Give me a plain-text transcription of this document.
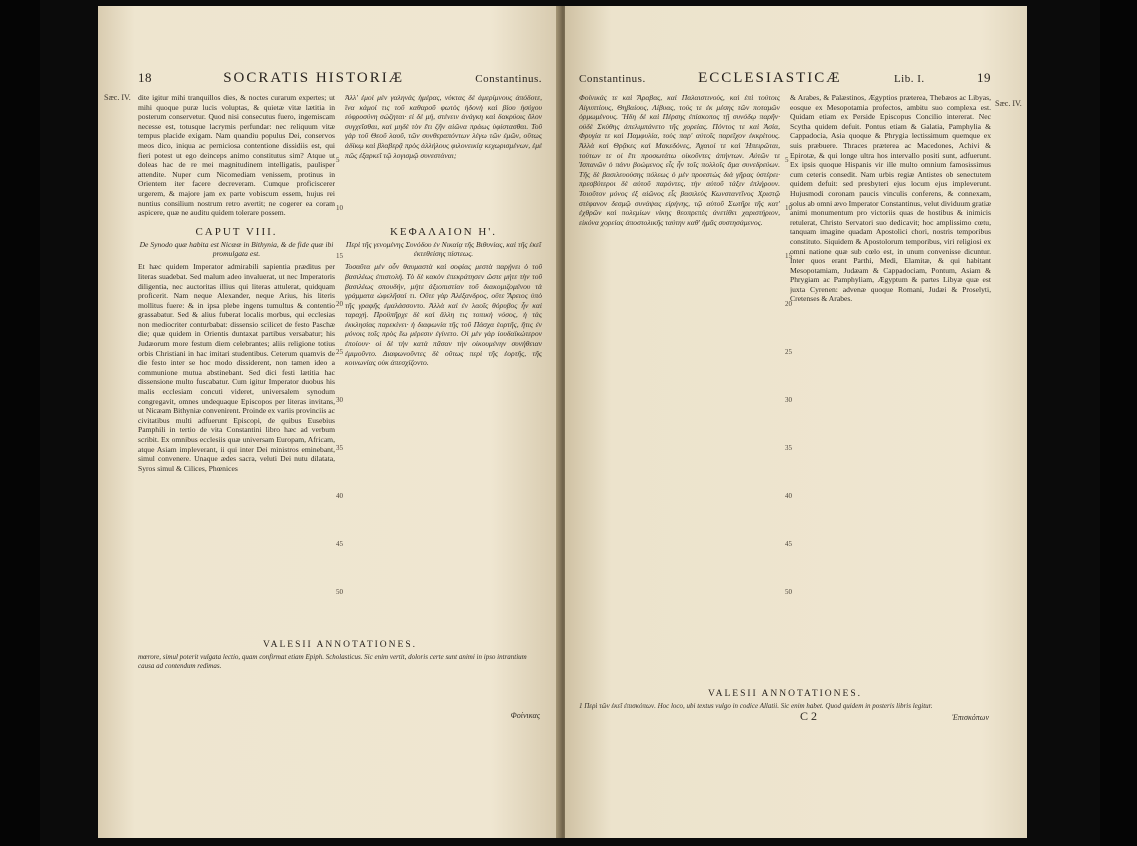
18	SOCRATIS HISTORIÆ	Constantinus.
Sæc. IV. dite igitur mihi tranquillos dies, & noctes curarum expertes; ut mihi quoque puræ lucis voluptas, & quietæ vitæ lætitia in posterum conservetur. Quod nisi consecutus fuero, ingemiscam necesse est, totusque lacrymis perfundar: nec reliquum vitæ tempus placide exigam. Nam quandiu populus Dei, conservos meos dico, iniqua ac perniciosa contentione dissidiis est, qui fieri potest ut ego deinceps animo constitutus sim? Atque ut doleas hac de re mei magnitudinem intelligatis, paulisper attendite. Nuper cum Nicomediam venissem, protinus in Orientem iter facere decreveram. Cumque proficiscerer urgerem, & majore jam ex parte vobiscum essem, hujus rei nuntius consilium nostrum retro avertit; ne cogerer ea coram aspicere, quæ ne auditu quidem tolerare possem.

Ἀλλ' ἐμοὶ μὲν γαληνὰς ἡμέρας, νύκτας δὲ ἀμερίμνους ἀπόδοτε, ἵνα κἀμοί τις τοῦ καθαροῦ φωτὸς ἡδονὴ καὶ βίου ἡσύχου εὐφροσύνη σώζηται· εἰ δὲ μή, στένειν ἀνάγκη καὶ δακρύοις ὅλον συγχεῖσθαι, καὶ μηδὲ τὸν ἔτι ζῆν αἰῶνα πράως ὑφίστασθαι. Τοῦ γὰρ τοῦ Θεοῦ λαοῦ, τῶν συνθεραπόντων λέγω τῶν ἐμῶν, οὕτως ἀδίκῳ καὶ βλαβερᾷ πρὸς ἀλλήλους φιλονεικίᾳ κεχωρισμένων, ἐμὲ πῶς ἐξαρκεῖ τῷ λογισμῷ συνεστάναι;

CAPUT VIII.
De Synodo quæ habita est Nicææ in Bithynia, & de fide quæ ibi promulgata est.
ΚΕΦΑΛΑΙΟΝ Η'.
Περὶ τῆς γενομένης Συνόδου ἐν Νικαίᾳ τῆς Βιθυνίας, καὶ τῆς ἐκεῖ ἐκτεθείσης πίστεως.

Et hæc quidem Imperator admirabili sapientia præditus per literas suadebat. Sed malum adeo invaluerat, ut nec Imperatoris diligentia, nec auctoritas illius qui literas attulerat, quidquam proficerit. Nam neque Alexander, neque Arius, his literis mollitus fuere: & in ipsa plebe ingens tumultus & contentio grassabatur. Sed & alius fuberat localis morbus, qui ecclesias non mediocriter conturbabat: dissensio scilicet de festo Paschæ die; quæ quidem in Orientis duntaxat partibus versabatur; his Judæorum more festum diem celebrantes; aliis religione totius orbis Christiani in hac imitari studentibus. Ceterum quamvis de die festo inter se hoc modo dissiderent, non tamen ideo a communione mutua abstinebant. Sed dici festi lætitia hac dissensione multo fuscabatur. Cum igitur Imperator duobus his malis ecclesiam concuti videret, universalem synodum congregavit, omnes undequaque Episcopos per literas invitans, ut Nicæam Bithyniæ convenirent. Proinde ex variis provinciis ac civitatibus multi adfuerunt Episcopi, de quibus Eusebius Pamphili in tertio de vita Constantini libro hæc ad verbum scribit. Ex omnibus ecclesiis quæ universam Europam, Africam, atque Asiam impleverant, ii qui inter Dei ministros eminebant, simul convenere. Unaque ædes sacra, veluti Dei nutu dilatata, Syros simul & Cilices, Phœnices

Τοσαῦτα μὲν οὖν θαυμαστὰ καὶ σοφίας μεστὰ παρῄνει ὁ τοῦ βασιλέως ἐπιστολή. Τὸ δὲ κακὸν ἐπεκράτησεν ὥστε μήτε τὴν τοῦ βασιλέως σπουδήν, μήτε ἀξιοπιστίαν τοῦ διακομιζομένου τὰ γράμματα ὠφελῆσαί τι. Οὔτε γὰρ Ἀλέξανδρος, οὔτε Ἄρειος ὑπὸ τῆς γραφῆς ἐμαλάσσοντο. Ἀλλὰ καὶ ἐν λαοῖς θόρυβος ἦν καὶ ταραχή. Προϋπῆρχε δὲ καὶ ἄλλη τις τοπικὴ νόσος, ἡ τὰς ἐκκλησίας παρεκίνει· ἡ διαφωνία τῆς τοῦ Πάσχα ἑορτῆς, ἥτις ἐν μόνοις τοῖς πρὸς ἕω μέρεσιν ἐγίνετο. Οἱ μὲν γὰρ ἰουδαϊκώτερον ἐποίουν· οἱ δὲ τὴν κατὰ πᾶσαν τὴν οἰκουμένην συνήθειαν ἐμιμοῦντο. Διαφωνοῦντες δὲ οὕτως περὶ τῆς ἑορτῆς, τῆς κοινωνίας οὐκ ἀπεσχίζοντο.

VALESII ANNOTATIONES.
mœrore, simul poterit vulgata lectio, quam confirmat etiam Epiph. Scholasticus. Sic enim vertit, doloris certe sunt animi in ipso intrantium causa ad contendum redimas.
Φοίνικας
5
10
15
20
25
30
35
40
45
50
Constantinus.	ECCLESIASTICÆ	Lib. I.	19
Sæc. IV.

Φοίνικάς τε καὶ Ἄραβας, καὶ Παλαιστινούς, καὶ ἐπὶ τούτοις Αἰγυπτίους, Θηβαίους, Λίβυας, τούς τε ἐκ μέσης τῶν ποταμῶν ὁρμωμένους. Ἤδη δὲ καὶ Πέρσης ἐπίσκοπος τῇ συνόδῳ παρῆν· οὐδὲ Σκύθης ἀπελιμπάνετο τῆς χορείας. Πόντος τε καὶ Ἀσία, Φρυγία τε καὶ Παμφυλία, τοὺς παρ' αὐτοῖς παρεῖχον ἐκκρίτους. Ἀλλὰ καὶ Θρᾷκες καὶ Μακεδόνες, Ἀχαιοί τε καὶ Ἠπειρῶται, τούτων τε οἱ ἔτι προσωτάτω οἰκοῦντες ἀπήντων. Αὐτῶν τε Ἱσπανῶν ὁ πάνυ βοώμενος εἷς ἦν τοῖς πολλοῖς ἅμα συνεδρεύων. Τῆς δὲ βασιλευούσης πόλεως ὁ μὲν προεστὼς διὰ γῆρας ὑστέρει· πρεσβύτεροι δὲ αὐτοῦ παρόντες, τὴν αὐτοῦ τάξιν ἐπλήρουν. Τοιοῦτον μόνος ἐξ αἰῶνος εἷς βασιλεὺς Κωνσταντῖνος Χριστῷ στέφανον δεσμῷ συνάψας εἰρήνης, τῷ αὐτοῦ Σωτῆρι τῆς κατ' ἐχθρῶν καὶ πολεμίων νίκης θεοπρεπὲς ἀνετίθει χαριστήριον, εἰκόνα χορείας ἀποστολικῆς ταύτην καθ' ἡμᾶς συστησάμενος.

& Arabes, & Palæstinos, Ægyptios præterea, Thebæos ac Libyas, eosque ex Mesopotamia profectos, ambitu suo complexa est. Quidam etiam ex Perside Episcopus Concilio intererat. Nec Scytha quidem defuit. Pontus etiam & Galatia, Pamphylia & Cappadocia, Asia quoque & Phrygia lectissimum quemque ex suis præbuere. Thraces præterea ac Macedones, Achivi & Epirotæ, & qui longe ultra hos intervallo positi sunt, adfuerunt. Ex ipsis quoque Hispanis vir ille multo omnium famosissimus cum ceteris consedit. Nam urbis regiæ Antistes ob senectutem quidem defuit: sed presbyteri ejus locum ejus impleverunt. Hujusmodi coronam paucis vinculis conferens, & connexam, solus ab omni ævo Imperator Constantinus, velut dividuum gratiæ animi monumentum pro victoriis quas de hostibus & inimicis retulerat, Christo Servatori suo dedicavit; hoc amplissimo cœtu, tanquam imagine quadam Apostolici chori, nostris temporibus constituto. Siquidem & Apostolorum temporibus, viri religiosi ex omni natione quæ sub cœlo est, in unum convenisse dicuntur. Inter quos erant Parthi, Medi, Elamitæ, & qui habitant Mesopotamiam, Judæam & Cappadociam, Pontum, Asiam & Phrygiam ac Pamphyliam, Ægyptum & partes Libyæ quæ est juxta Cyrenen: advenæ quoque Romani, Judæi & Proselyti, Cretenses & Arabes.

VALESII ANNOTATIONES.
1 Περὶ τῶν ἐκεῖ ἐπισκόπων. Hoc loco, ubi textus vulgo in codice Allatii. Sic enim habet. Quod quidem in posteris libris legitur.
C 2	Ἐπισκόπων
5
10
15
20
25
30
35
40
45
50
